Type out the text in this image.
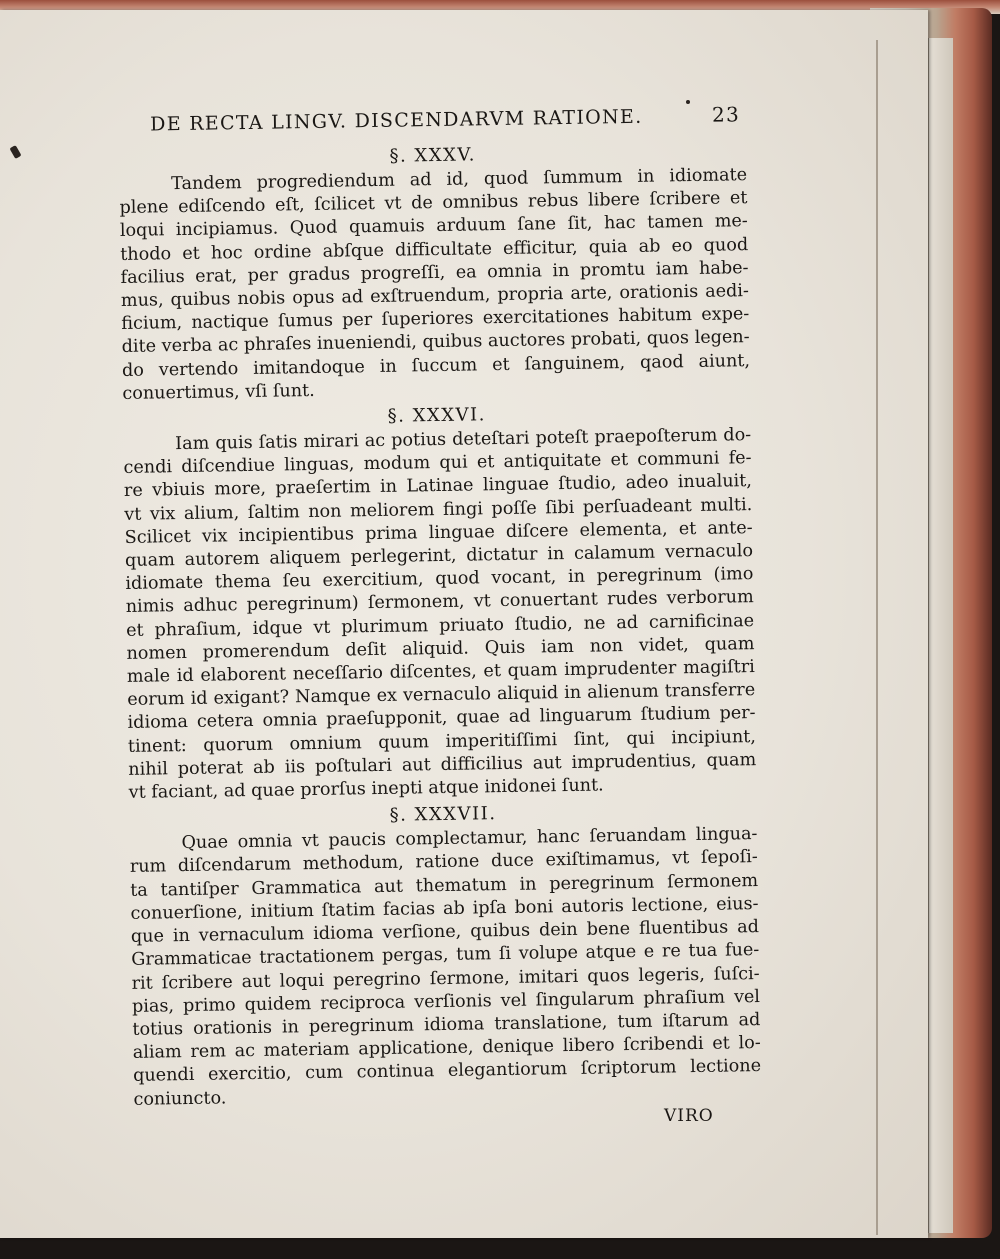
DE RECTA LINGV. DISCENDARVM RATIONE.	23
§. XXXV.

Tandem progrediendum ad id, quod ſummum in idiomate

plene ediſcendo eſt, ſcilicet vt de omnibus rebus libere ſcribere et

loqui incipiamus. Quod quamuis arduum ſane ſit, hac tamen me-

thodo et hoc ordine abſque difficultate efficitur, quia ab eo quod

facilius erat, per gradus progreſſi, ea omnia in promtu iam habe-

mus, quibus nobis opus ad exſtruendum, propria arte, orationis aedi-

ficium, nactique ſumus per ſuperiores exercitationes habitum expe-

dite verba ac phraſes inueniendi, quibus auctores probati, quos legen-

do vertendo imitandoque in ſuccum et ſanguinem, qaod aiunt,

conuertimus, vſi ſunt.

§. XXXVI.

Iam quis ſatis mirari ac potius deteſtari poteſt praepoſterum do-

cendi diſcendiue linguas, modum qui et antiquitate et communi fe-

re vbiuis more, praeſertim in Latinae linguae ſtudio, adeo inualuit,

vt vix alium, ſaltim non meliorem fingi poſſe ſibi perſuadeant multi.

Scilicet vix incipientibus prima linguae diſcere elementa, et ante-

quam autorem aliquem perlegerint, dictatur in calamum vernaculo

idiomate thema ſeu exercitium, quod vocant, in peregrinum (imo

nimis adhuc peregrinum) ſermonem, vt conuertant rudes verborum

et phraſium, idque vt plurimum priuato ſtudio, ne ad carnificinae

nomen promerendum deſit aliquid. Quis iam non videt, quam

male id elaborent neceſſario diſcentes, et quam imprudenter magiſtri

eorum id exigant? Namque ex vernaculo aliquid in alienum transferre

idioma cetera omnia praeſupponit, quae ad linguarum ſtudium per-

tinent: quorum omnium quum imperitiſſimi ſint, qui incipiunt,

nihil poterat ab iis poſtulari aut difficilius aut imprudentius, quam

vt faciant, ad quae prorſus inepti atque inidonei ſunt.

§. XXXVII.

Quae omnia vt paucis complectamur, hanc ſeruandam lingua-

rum diſcendarum methodum, ratione duce exiſtimamus, vt ſepoſi-

ta tantiſper Grammatica aut thematum in peregrinum ſermonem

conuerſione, initium ſtatim facias ab ipſa boni autoris lectione, eius-

que in vernaculum idioma verſione, quibus dein bene fluentibus ad

Grammaticae tractationem pergas, tum ſi volupe atque e re tua fue-

rit ſcribere aut loqui peregrino ſermone, imitari quos legeris, ſuſci-

pias, primo quidem reciproca verſionis vel ſingularum phraſium vel

totius orationis in peregrinum idioma translatione, tum iſtarum ad

aliam rem ac materiam applicatione, denique libero ſcribendi et lo-

quendi exercitio, cum continua elegantiorum ſcriptorum lectione

coniuncto.

VIRO
